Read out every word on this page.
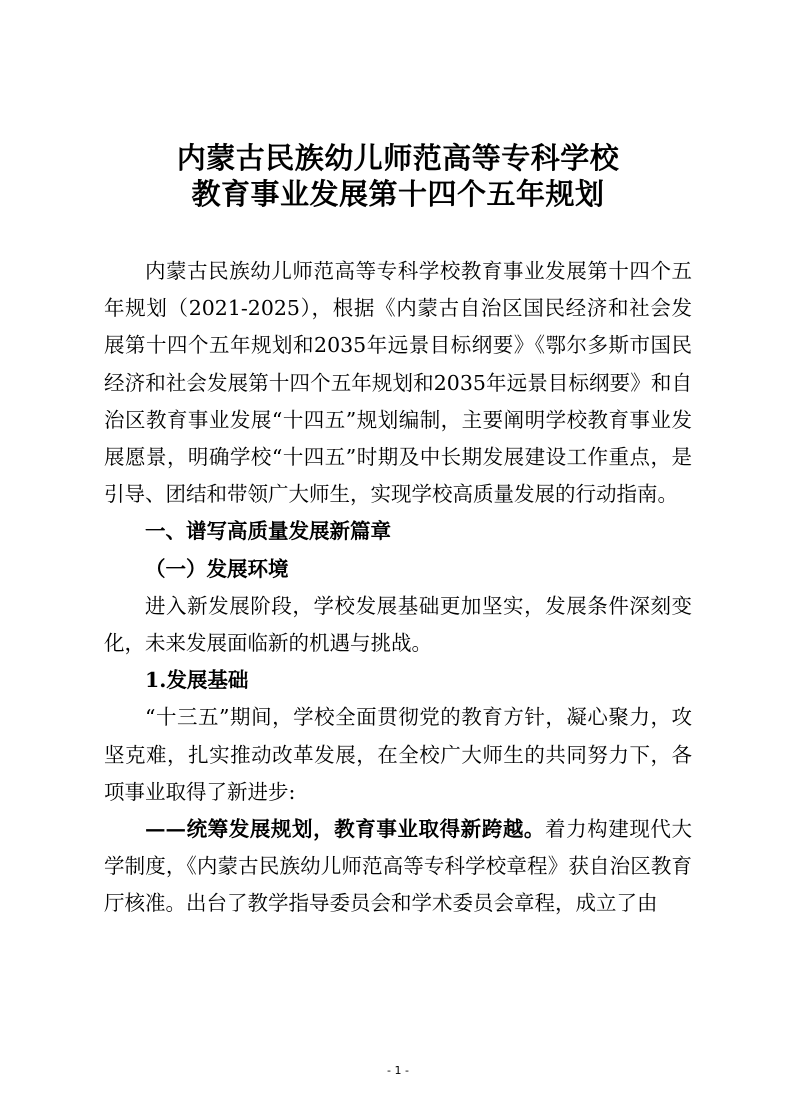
内蒙古民族幼儿师范高等专科学校
教育事业发展第十四个五年规划

内蒙古民族幼儿师范高等专科学校教育事业发展第十四个五年规划（2021-2025），根据《内蒙古自治区国民经济和社会发展第十四个五年规划和2035年远景目标纲要》《鄂尔多斯市国民经济和社会发展第十四个五年规划和2035年远景目标纲要》和自治区教育事业发展“十四五”规划编制，主要阐明学校教育事业发展愿景，明确学校“十四五”时期及中长期发展建设工作重点，是引导、团结和带领广大师生，实现学校高质量发展的行动指南。

一、谱写高质量发展新篇章

（一）发展环境

进入新发展阶段，学校发展基础更加坚实，发展条件深刻变化，未来发展面临新的机遇与挑战。

1.发展基础

“十三五”期间，学校全面贯彻党的教育方针，凝心聚力，攻坚克难，扎实推动改革发展，在全校广大师生的共同努力下，各项事业取得了新进步:

——统筹发展规划，教育事业取得新跨越。着力构建现代大学制度，《内蒙古民族幼儿师范高等专科学校章程》获自治区教育厅核准。出台了教学指导委员会和学术委员会章程，成立了由

- 1 -
